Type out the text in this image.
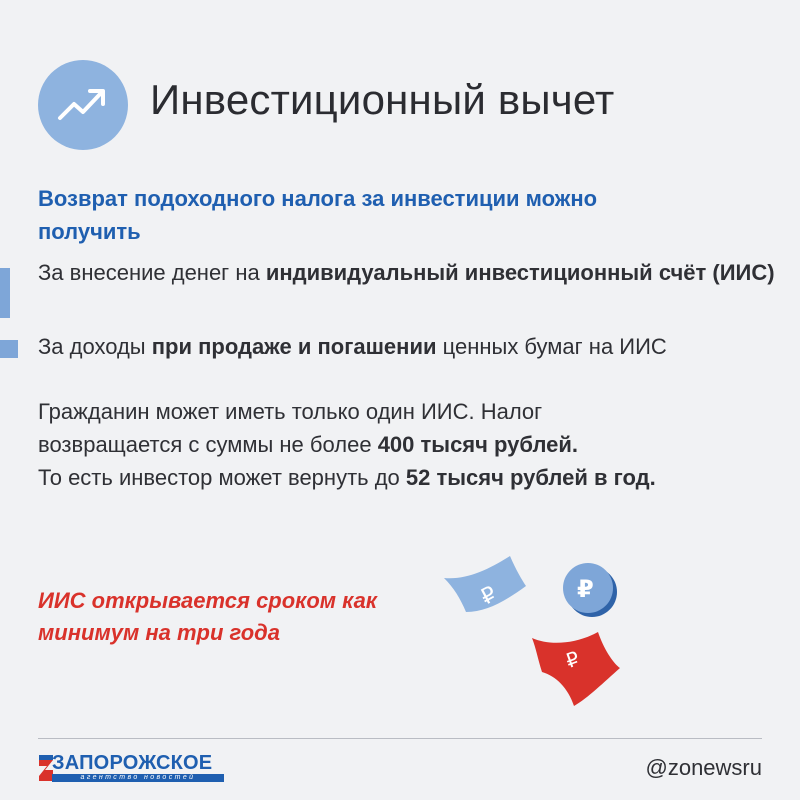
Инвестиционный вычет
Возврат подоходного налога за инвестиции можно получить
За внесение денег на индивидуальный инвестиционный счёт (ИИС)
За доходы при продаже и погашении ценных бумаг на ИИС
Гражданин может иметь только один ИИС. Налог
возвращается с суммы не более 400 тысяч рублей.
То есть инвестор может вернуть до 52 тысяч рублей в год.
ИИС открывается сроком как минимум на три года
₽	₽
₽
ЗАПОРОЖСКОЕ
агентство новостей	@zonewsru
